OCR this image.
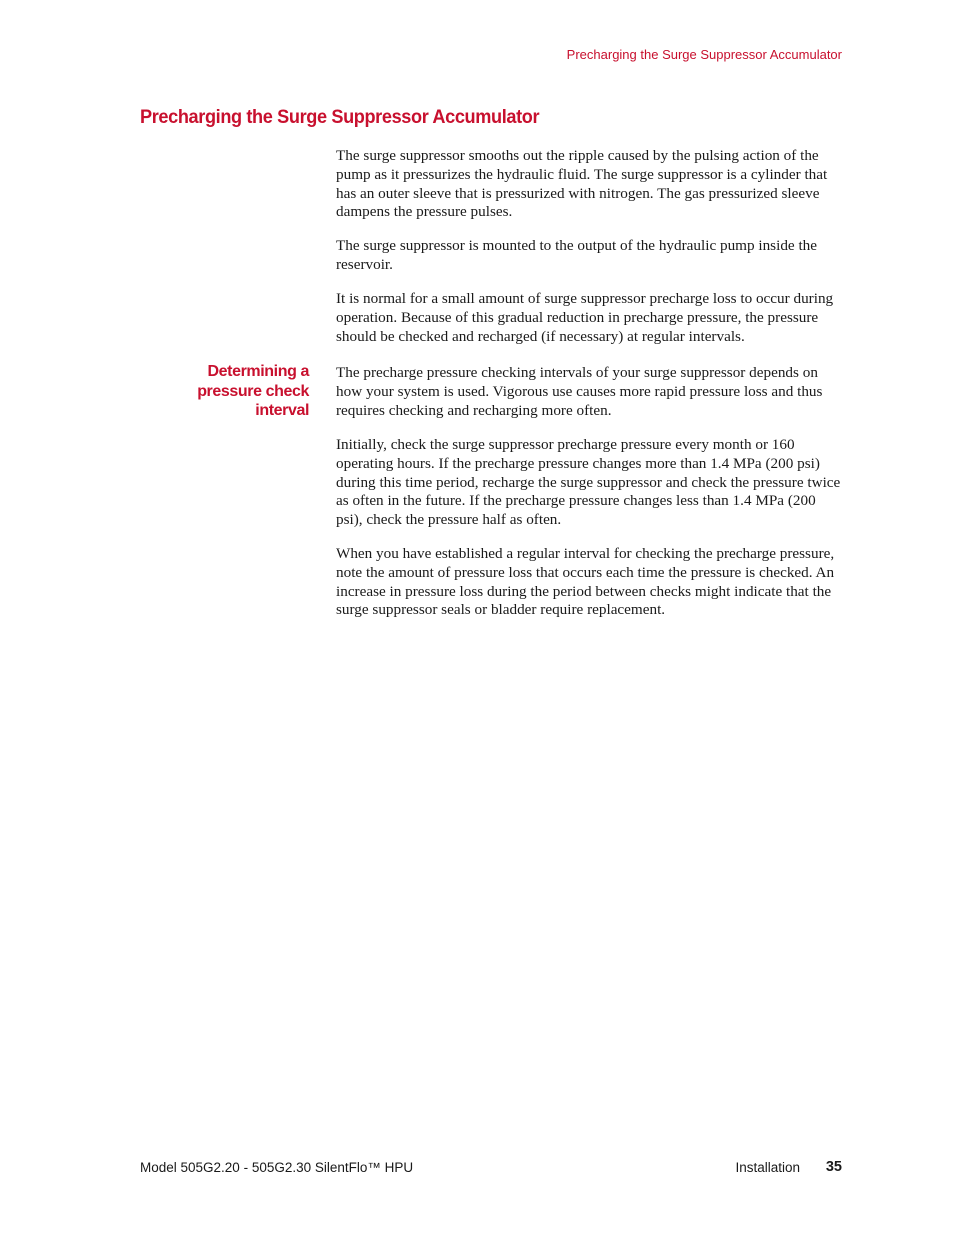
Precharging the Surge Suppressor Accumulator
Precharging the Surge Suppressor Accumulator

The surge suppressor smooths out the ripple caused by the pulsing action of the pump as it pressurizes the hydraulic fluid. The surge suppressor is a cylinder that has an outer sleeve that is pressurized with nitrogen. The gas pressurized sleeve dampens the pressure pulses.

The surge suppressor is mounted to the output of the hydraulic pump inside the reservoir.

It is normal for a small amount of surge suppressor precharge loss to occur during operation. Because of this gradual reduction in precharge pressure, the pressure should be checked and recharged (if necessary) at regular intervals.

Determining a pressure check interval

The precharge pressure checking intervals of your surge suppressor depends on how your system is used. Vigorous use causes more rapid pressure loss and thus requires checking and recharging more often.

Initially, check the surge suppressor precharge pressure every month or 160 operating hours. If the precharge pressure changes more than 1.4 MPa (200 psi) during this time period, recharge the surge suppressor and check the pressure twice as often in the future. If the precharge pressure changes less than 1.4 MPa (200 psi), check the pressure half as often.

When you have established a regular interval for checking the precharge pressure, note the amount of pressure loss that occurs each time the pressure is checked. An increase in pressure loss during the period between checks might indicate that the surge suppressor seals or bladder require replacement.

Model 505G2.20 - 505G2.30 SilentFlo™ HPU	Installation 35
